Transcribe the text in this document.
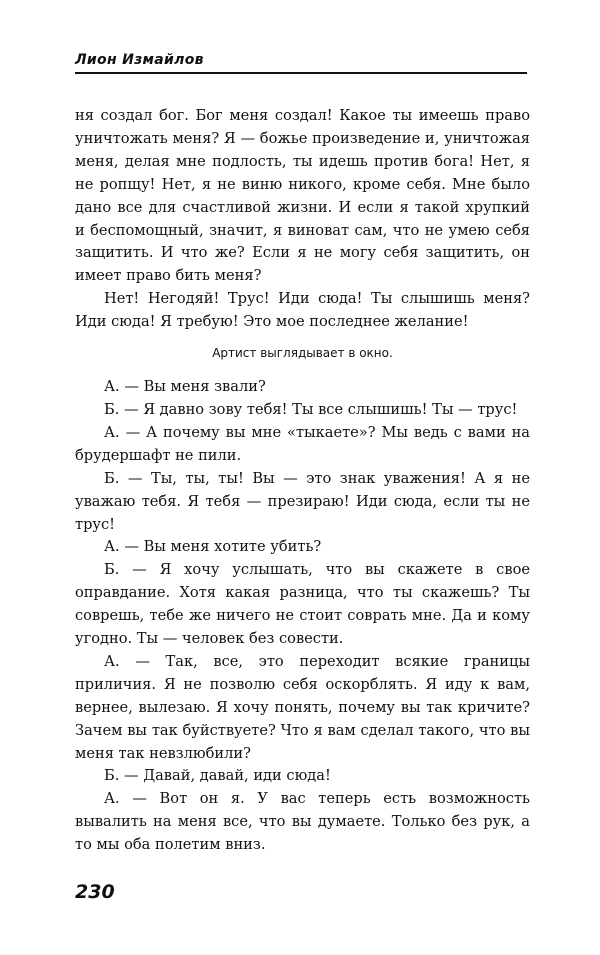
Лион Измайлов

ня создал бог. Бог меня создал! Какое ты имеешь право уничтожать меня? Я — божье произведение и, уничтожая меня, делая мне подлость, ты идешь против бога! Нет, я не ропщу! Нет, я не виню никого, кроме себя. Мне было дано все для счастливой жизни. И если я такой хрупкий и беспомощный, значит, я виноват сам, что не умею себя защитить. И что же? Если я не могу себя защитить, он имеет право бить меня?

Нет! Негодяй! Трус! Иди сюда! Ты слышишь меня? Иди сюда! Я требую! Это мое последнее желание!

Артист выглядывает в окно.

А. — Вы меня звали?

Б. — Я давно зову тебя! Ты все слышишь! Ты — трус!

А. — А почему вы мне «тыкаете»? Мы ведь с вами на брудершафт не пили.

Б. — Ты, ты, ты! Вы — это знак уважения! А я не уважаю тебя. Я тебя — презираю! Иди сюда, если ты не трус!

А. — Вы меня хотите убить?

Б. — Я хочу услышать, что вы скажете в свое оправдание. Хотя какая разница, что ты скажешь? Ты соврешь, тебе же ничего не стоит соврать мне. Да и кому угодно. Ты — человек без совести.

А. — Так, все, это переходит всякие границы приличия. Я не позволю себя оскорблять. Я иду к вам, вернее, вылезаю. Я хочу понять, почему вы так кричите? Зачем вы так буйствуете? Что я вам сделал такого, что вы меня так невзлюбили?

Б. — Давай, давай, иди сюда!

А. — Вот он я. У вас теперь есть возможность вывалить на меня все, что вы думаете. Только без рук, а то мы оба полетим вниз.

230
